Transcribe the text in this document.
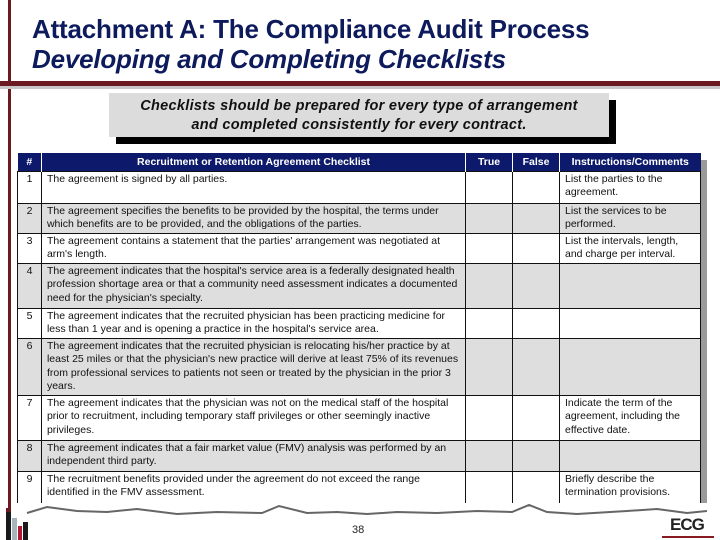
Attachment A: The Compliance Audit Process
Developing and Completing Checklists
Checklists should be prepared for every type of arrangement
and completed consistently for every contract.
#	Recruitment or Retention Agreement Checklist	True	False	Instructions/Comments
1	The agreement is signed by all parties.			List the parties to the agreement.
2	The agreement specifies the benefits to be provided by the hospital, the terms under which benefits are to be provided, and the obligations of the parties.			List the services to be performed.
3	The agreement contains a statement that the parties' arrangement was negotiated at arm's length.			List the intervals, length, and charge per interval.
4	The agreement indicates that the hospital's service area is a federally designated health profession shortage area or that a community need assessment indicates a documented need for the physician's specialty.			
5	The agreement indicates that the recruited physician has been practicing medicine for less than 1 year and is opening a practice in the hospital's service area.			
6	The agreement indicates that the recruited physician is relocating his/her practice by at least 25 miles or that the physician's new practice will derive at least 75% of its revenues from professional services to patients not seen or treated by the physician in the prior 3 years.			
7	The agreement indicates that the physician was not on the medical staff of the hospital prior to recruitment, including temporary staff privileges or other seemingly inactive privileges.			Indicate the term of the agreement, including the effective date.
8	The agreement indicates that a fair market value (FMV) analysis was performed by an independent third party.			
9	The recruitment benefits provided under the agreement do not exceed the range identified in the FMV assessment.			Briefly describe the termination provisions.
38	ECG
